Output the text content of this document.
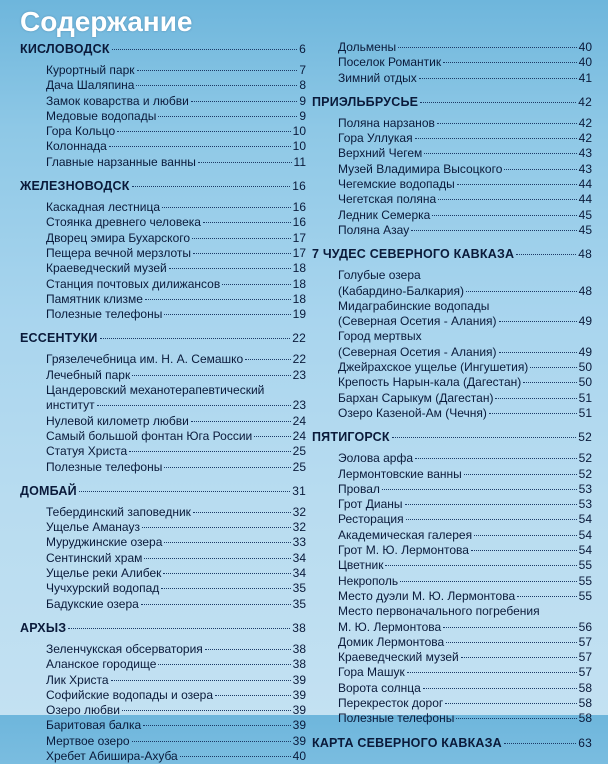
Содержание
КИСЛОВОДСК	6
Курортный парк	7
Дача Шаляпина	8
Замок коварства и любви	9
Медовые водопады	9
Гора Кольцо	10
Колоннада	10
Главные нарзанные ванны	11
ЖЕЛЕЗНОВОДСК	16
Каскадная лестница	16
Стоянка древнего человека	16
Дворец эмира Бухарского	17
Пещера вечной мерзлоты	17
Краеведческий музей	18
Станция почтовых дилижансов	18
Памятник клизме	18
Полезные телефоны	19
ЕССЕНТУКИ	22
Грязелечебница им. Н. А. Семашко	22
Лечебный парк	23
Цандеровский механотерапевтический
институт	23
Нулевой километр любви	24
Самый большой фонтан Юга России	24
Статуя Христа	25
Полезные телефоны	25
ДОМБАЙ	31
Тебердинский заповедник	32
Ущелье Аманауз	32
Муруджинские озера	33
Сентинский храм	34
Ущелье реки Алибек	34
Чучхурский водопад	35
Бадукские озера	35
АРХЫЗ	38
Зеленчукская обсерватория	38
Аланское городище	38
Лик Христа	39
Софийские водопады и озера	39
Озеро любви	39
Баритовая балка	39
Мертвое озеро	39
Хребет Абишира-Ахуба	40
Дольмены	40
Поселок Романтик	40
Зимний отдых	41
ПРИЭЛЬБРУСЬЕ	42
Поляна нарзанов	42
Гора Уллукая	42
Верхний Чегем	43
Музей Владимира Высоцкого	43
Чегемские водопады	44
Чегетская поляна	44
Ледник Семерка	45
Поляна Азау	45
7 ЧУДЕС СЕВЕРНОГО КАВКАЗА	48
Голубые озера
(Кабардино-Балкария)	48
Мидаграбинские водопады
(Северная Осетия - Алания)	49
Город мертвых
(Северная Осетия - Алания)	49
Джейрахское ущелье (Ингушетия)	50
Крепость Нарын-кала (Дагестан)	50
Бархан Сарыкум (Дагестан)	51
Озеро Казеной-Ам (Чечня)	51
ПЯТИГОРСК	52
Эолова арфа	52
Лермонтовские ванны	52
Провал	53
Грот Дианы	53
Ресторация	54
Академическая галерея	54
Грот М. Ю. Лермонтова	54
Цветник	55
Некрополь	55
Место дуэли М. Ю. Лермонтова	55
Место первоначального погребения
М. Ю. Лермонтова	56
Домик Лермонтова	57
Краеведческий музей	57
Гора Машук	57
Ворота солнца	58
Перекресток дорог	58
Полезные телефоны	58
КАРТА СЕВЕРНОГО КАВКАЗА	63
